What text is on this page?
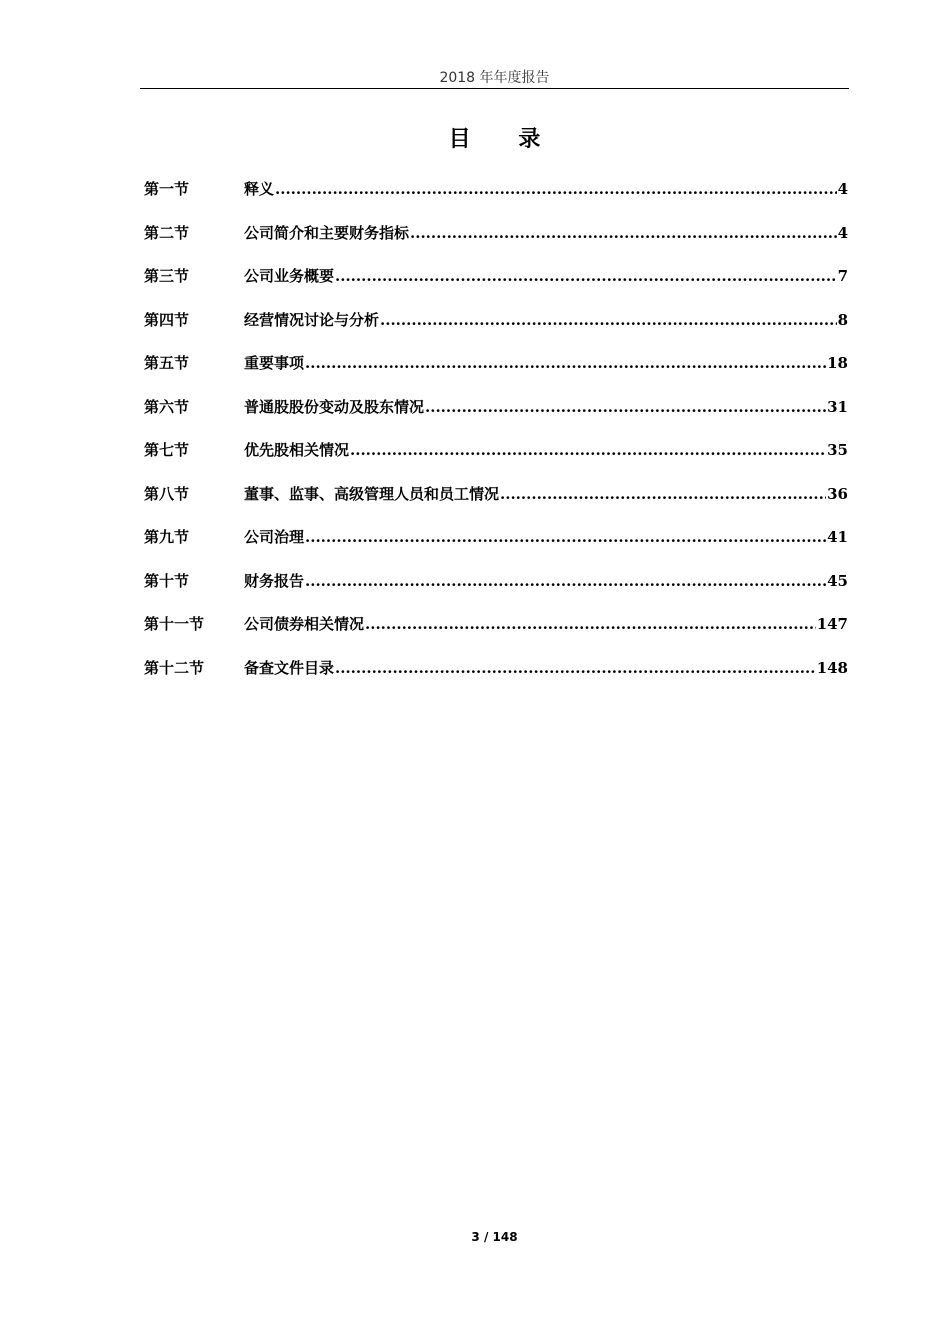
2018 年年度报告
目 录
第一节	释义 .....	4
第二节	公司简介和主要财务指标 .....	4
第三节	公司业务概要 .....	7
第四节	经营情况讨论与分析 .....	8
第五节	重要事项 .....	18
第六节	普通股股份变动及股东情况 .....	31
第七节	优先股相关情况 .....	35
第八节	董事、监事、高级管理人员和员工情况 .....	36
第九节	公司治理 .....	41
第十节	财务报告 .....	45
第十一节	公司债券相关情况 .....	147
第十二节	备查文件目录 .....	148
3 / 148
